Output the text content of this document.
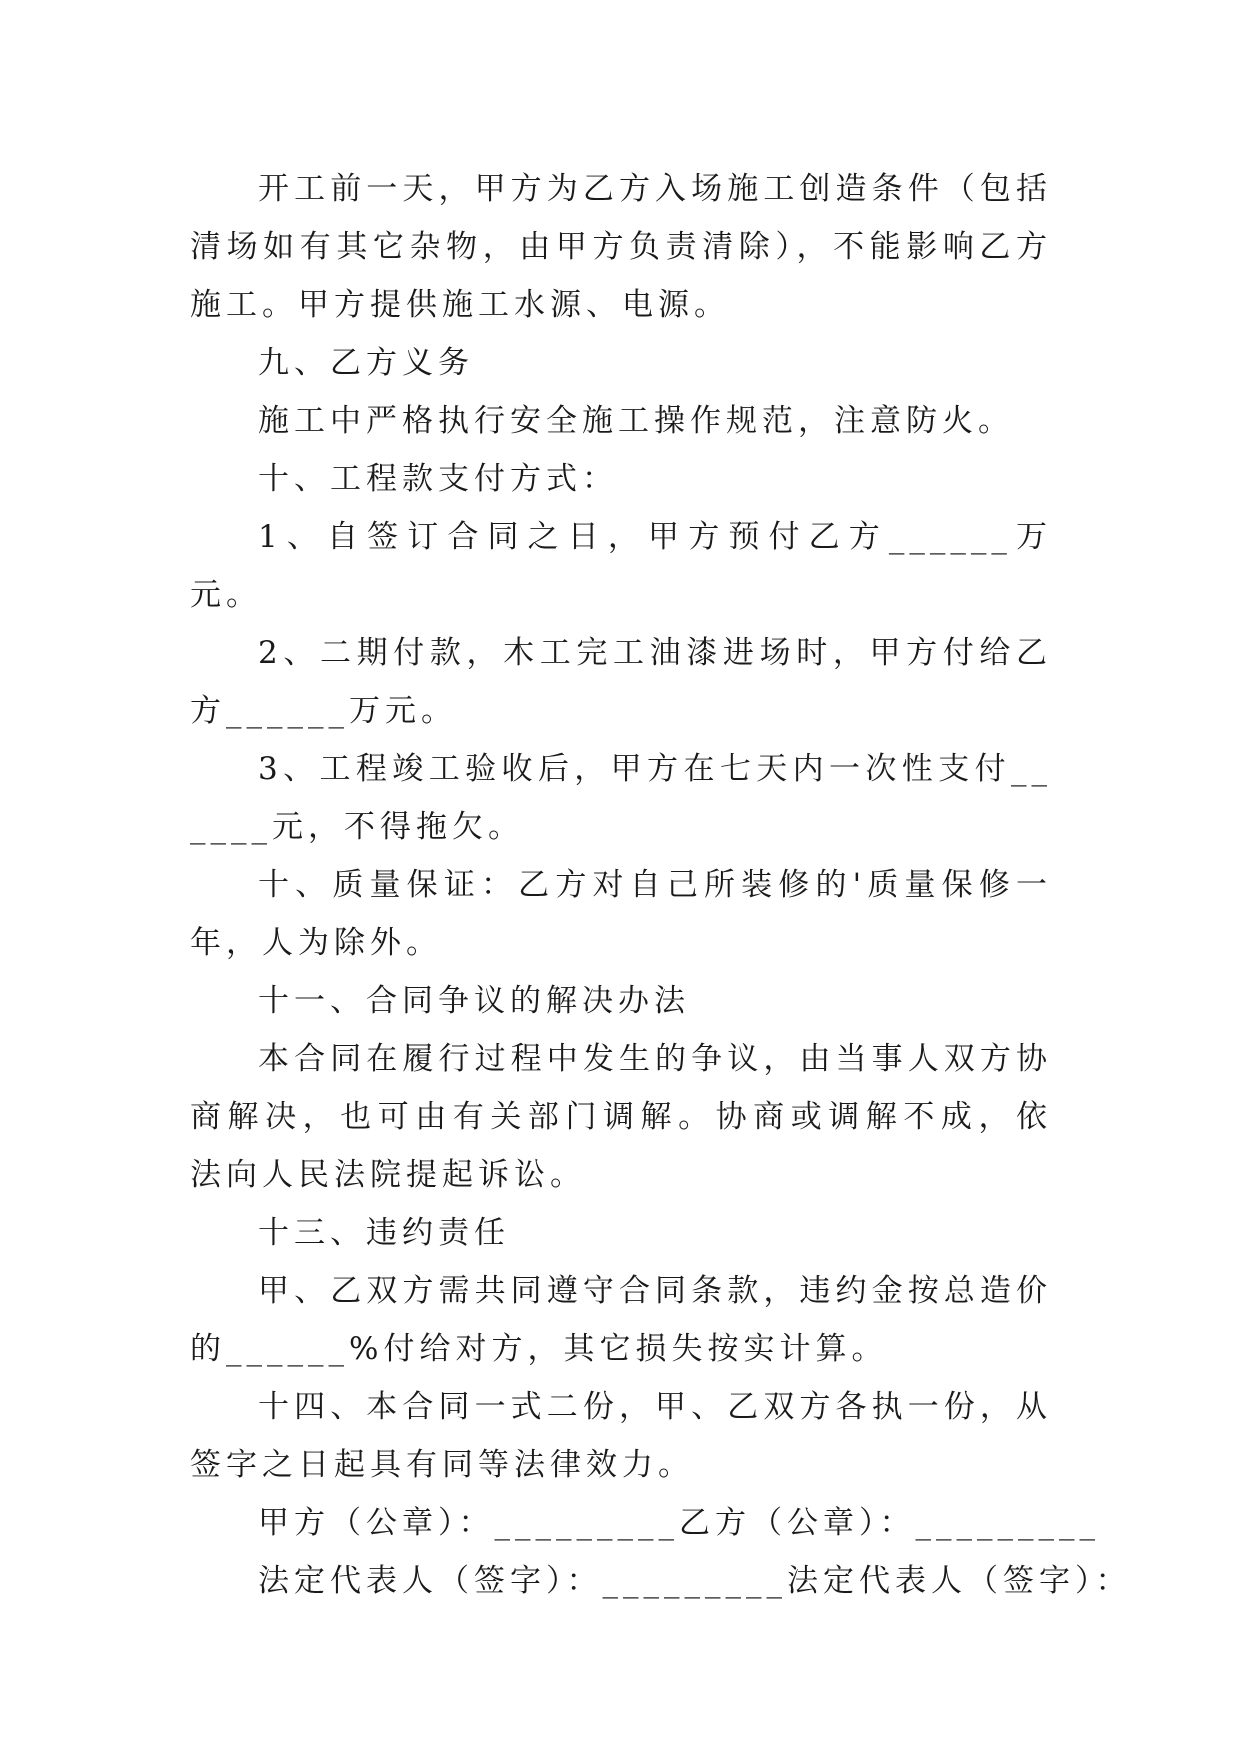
开工前一天，甲方为乙方入场施工创造条件（包括清场如有其它杂物，由甲方负责清除），不能影响乙方施工。甲方提供施工水源、电源。

九、乙方义务

施工中严格执行安全施工操作规范，注意防火。

十、工程款支付方式：

1、自签订合同之日，甲方预付乙方______万元。

2、二期付款，木工完工油漆进场时，甲方付给乙方______万元。

3、工程竣工验收后，甲方在七天内一次性支付______元，不得拖欠。

十、质量保证：乙方对自己所装修的'质量保修一年，人为除外。

十一、合同争议的解决办法

本合同在履行过程中发生的争议，由当事人双方协商解决，也可由有关部门调解。协商或调解不成，依法向人民法院提起诉讼。

十三、违约责任

甲、乙双方需共同遵守合同条款，违约金按总造价的______%付给对方，其它损失按实计算。

十四、本合同一式二份，甲、乙双方各执一份，从签字之日起具有同等法律效力。

甲方（公章）：_________乙方（公章）：_________

法定代表人（签字）：_________法定代表人（签字）：
